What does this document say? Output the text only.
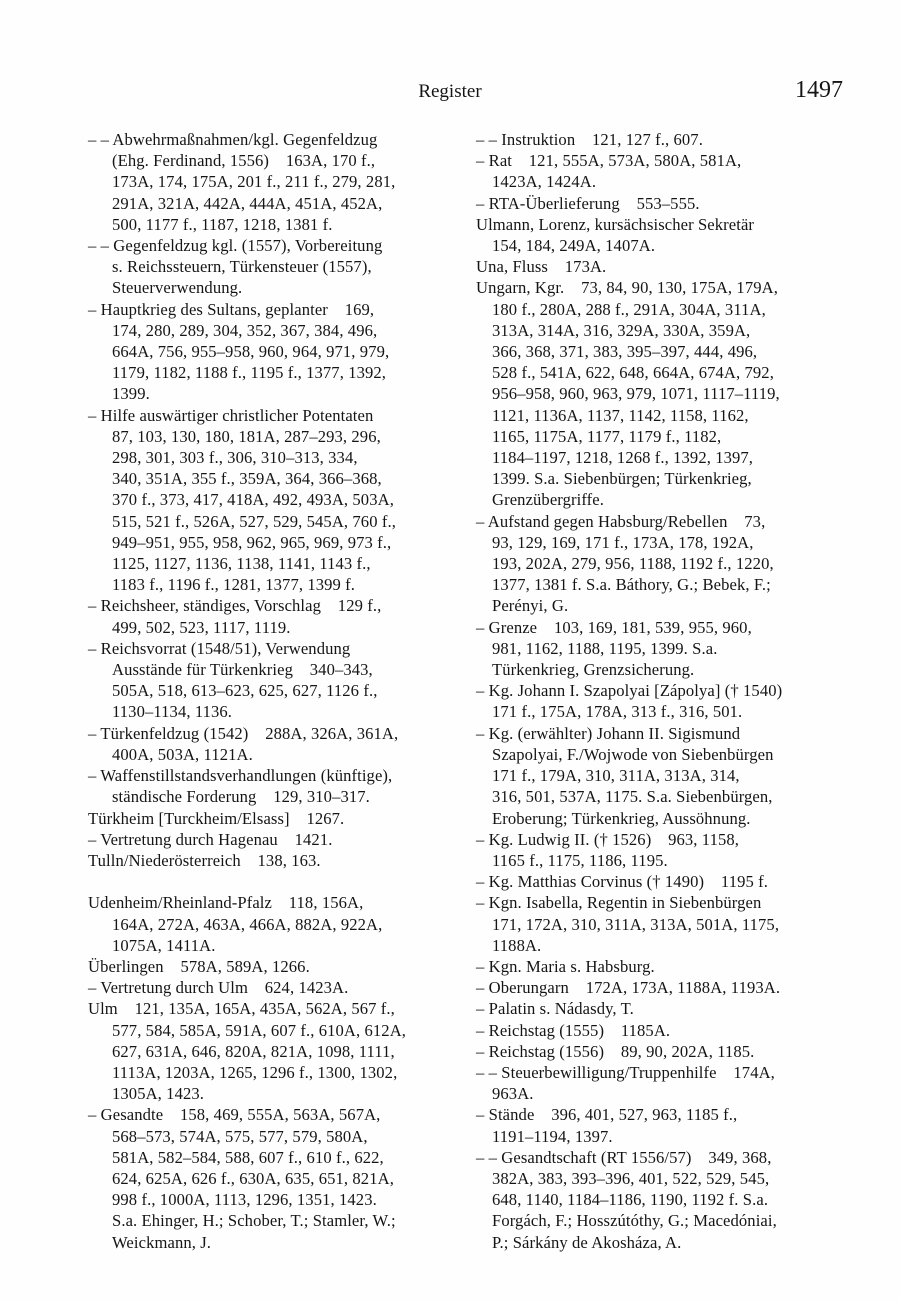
Register	1497
– – Abwehrmaßnahmen/kgl. Gegenfeldzug
(Ehg. Ferdinand, 1556)  163A, 170 f.,
173A, 174, 175A, 201 f., 211 f., 279, 281,
291A, 321A, 442A, 444A, 451A, 452A,
500, 1177 f., 1187, 1218, 1381 f.
– – Gegenfeldzug kgl. (1557), Vorbereitung
s. Reichssteuern, Türkensteuer (1557),
Steuerverwendung.
– Hauptkrieg des Sultans, geplanter  169,
174, 280, 289, 304, 352, 367, 384, 496,
664A, 756, 955–958, 960, 964, 971, 979,
1179, 1182, 1188 f., 1195 f., 1377, 1392,
1399.
– Hilfe auswärtiger christlicher Potentaten
87, 103, 130, 180, 181A, 287–293, 296,
298, 301, 303 f., 306, 310–313, 334,
340, 351A, 355 f., 359A, 364, 366–368,
370 f., 373, 417, 418A, 492, 493A, 503A,
515, 521 f., 526A, 527, 529, 545A, 760 f.,
949–951, 955, 958, 962, 965, 969, 973 f.,
1125, 1127, 1136, 1138, 1141, 1143 f.,
1183 f., 1196 f., 1281, 1377, 1399 f.
– Reichsheer, ständiges, Vorschlag  129 f.,
499, 502, 523, 1117, 1119.
– Reichsvorrat (1548/51), Verwendung
Ausstände für Türkenkrieg  340–343,
505A, 518, 613–623, 625, 627, 1126 f.,
1130–1134, 1136.
– Türkenfeldzug (1542)  288A, 326A, 361A,
400A, 503A, 1121A.
– Waffenstillstandsverhandlungen (künftige),
ständische Forderung  129, 310–317.
Türkheim [Turckheim/Elsass]  1267.
– Vertretung durch Hagenau  1421.
Tulln/Niederösterreich  138, 163.
Udenheim/Rheinland-Pfalz  118, 156A,
164A, 272A, 463A, 466A, 882A, 922A,
1075A, 1411A.
Überlingen  578A, 589A, 1266.
– Vertretung durch Ulm  624, 1423A.
Ulm  121, 135A, 165A, 435A, 562A, 567 f.,
577, 584, 585A, 591A, 607 f., 610A, 612A,
627, 631A, 646, 820A, 821A, 1098, 1111,
1113A, 1203A, 1265, 1296 f., 1300, 1302,
1305A, 1423.
– Gesandte  158, 469, 555A, 563A, 567A,
568–573, 574A, 575, 577, 579, 580A,
581A, 582–584, 588, 607 f., 610 f., 622,
624, 625A, 626 f., 630A, 635, 651, 821A,
998 f., 1000A, 1113, 1296, 1351, 1423.
S.a. Ehinger, H.; Schober, T.; Stamler, W.;
Weickmann, J.
– – Instruktion  121, 127 f., 607.
– Rat  121, 555A, 573A, 580A, 581A,
1423A, 1424A.
– RTA-Überlieferung  553–555.
Ulmann, Lorenz, kursächsischer Sekretär
154, 184, 249A, 1407A.
Una, Fluss  173A.
Ungarn, Kgr.  73, 84, 90, 130, 175A, 179A,
180 f., 280A, 288 f., 291A, 304A, 311A,
313A, 314A, 316, 329A, 330A, 359A,
366, 368, 371, 383, 395–397, 444, 496,
528 f., 541A, 622, 648, 664A, 674A, 792,
956–958, 960, 963, 979, 1071, 1117–1119,
1121, 1136A, 1137, 1142, 1158, 1162,
1165, 1175A, 1177, 1179 f., 1182,
1184–1197, 1218, 1268 f., 1392, 1397,
1399. S.a. Siebenbürgen; Türkenkrieg,
Grenzübergriffe.
– Aufstand gegen Habsburg/Rebellen  73,
93, 129, 169, 171 f., 173A, 178, 192A,
193, 202A, 279, 956, 1188, 1192 f., 1220,
1377, 1381 f. S.a. Báthory, G.; Bebek, F.;
Perényi, G.
– Grenze  103, 169, 181, 539, 955, 960,
981, 1162, 1188, 1195, 1399. S.a.
Türkenkrieg, Grenzsicherung.
– Kg. Johann I. Szapolyai [Zápolya] († 1540)
171 f., 175A, 178A, 313 f., 316, 501.
– Kg. (erwählter) Johann II. Sigismund
Szapolyai, F./Wojwode von Siebenbürgen
171 f., 179A, 310, 311A, 313A, 314,
316, 501, 537A, 1175. S.a. Siebenbürgen,
Eroberung; Türkenkrieg, Aussöhnung.
– Kg. Ludwig II. († 1526)  963, 1158,
1165 f., 1175, 1186, 1195.
– Kg. Matthias Corvinus († 1490)  1195 f.
– Kgn. Isabella, Regentin in Siebenbürgen
171, 172A, 310, 311A, 313A, 501A, 1175,
1188A.
– Kgn. Maria s. Habsburg.
– Oberungarn  172A, 173A, 1188A, 1193A.
– Palatin s. Nádasdy, T.
– Reichstag (1555)  1185A.
– Reichstag (1556)  89, 90, 202A, 1185.
– – Steuerbewilligung/Truppenhilfe  174A,
963A.
– Stände  396, 401, 527, 963, 1185 f.,
1191–1194, 1397.
– – Gesandtschaft (RT 1556/57)  349, 368,
382A, 383, 393–396, 401, 522, 529, 545,
648, 1140, 1184–1186, 1190, 1192 f. S.a.
Forgách, F.; Hosszútóthy, G.; Macedóniai,
P.; Sárkány de Akosháza, A.
